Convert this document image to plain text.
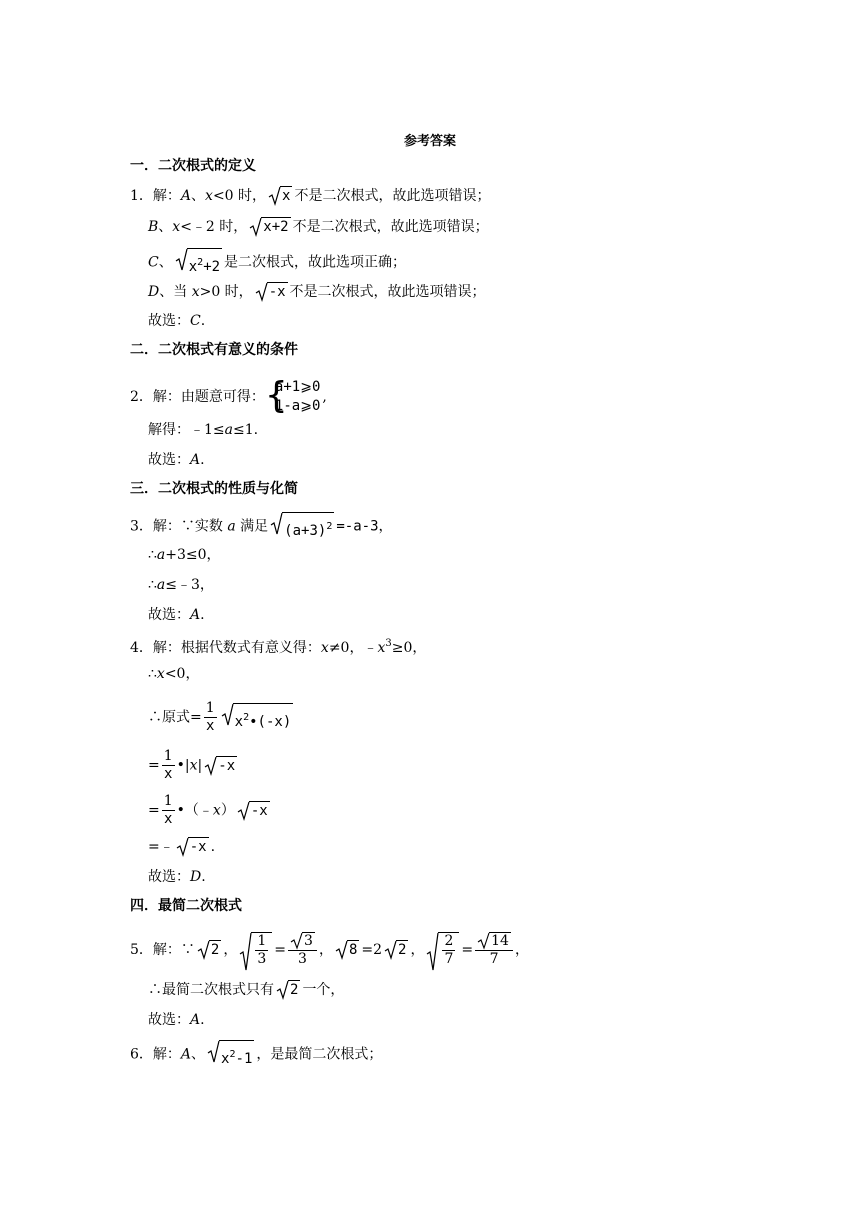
参考答案
一．二次根式的定义
1．解：A、x<0 时， x 不是二次根式，故此选项错误；
B、x<﹣2 时， x+2 不是二次根式，故此选项错误；
C、 $x^2+2$ 是二次根式，故此选项正确；
D、当 x>0 时， -x 不是二次根式，故此选项错误；
故选：C.
二．二次根式有意义的条件
2．解：由题意可得： {
a+1⩾0
1-a⩾0
,
解得：﹣1≤a≤1.
故选：A.
三．二次根式的性质与化简
3．解：∵实数 a 满足 $(a+3)^2 =-a-3$，
∴a+3≤0，
∴a≤﹣3，
故选：A.
4．解：根据代数式有意义得：x≠0，$﹣x^3\ge 0$，
∴x<0，
∴原式= $\frac{1}{x}$ $x^2•(-x)$
= $\frac{1}{x}$ •|x| -x
= $\frac{1}{x}$ •（﹣x） -x
=﹣ -x .
故选：D.
四．最简二次根式
5．解：∵ 2 ， $\frac{1}{3} = \frac{3}{3}$ ， 8 =2 2 ， $\frac{2}{7} = \frac{14}{7}$ ，
∴最简二次根式只有 2 一个，
故选：A.
6．解：A、 $x^2-1$ ，是最简二次根式；
